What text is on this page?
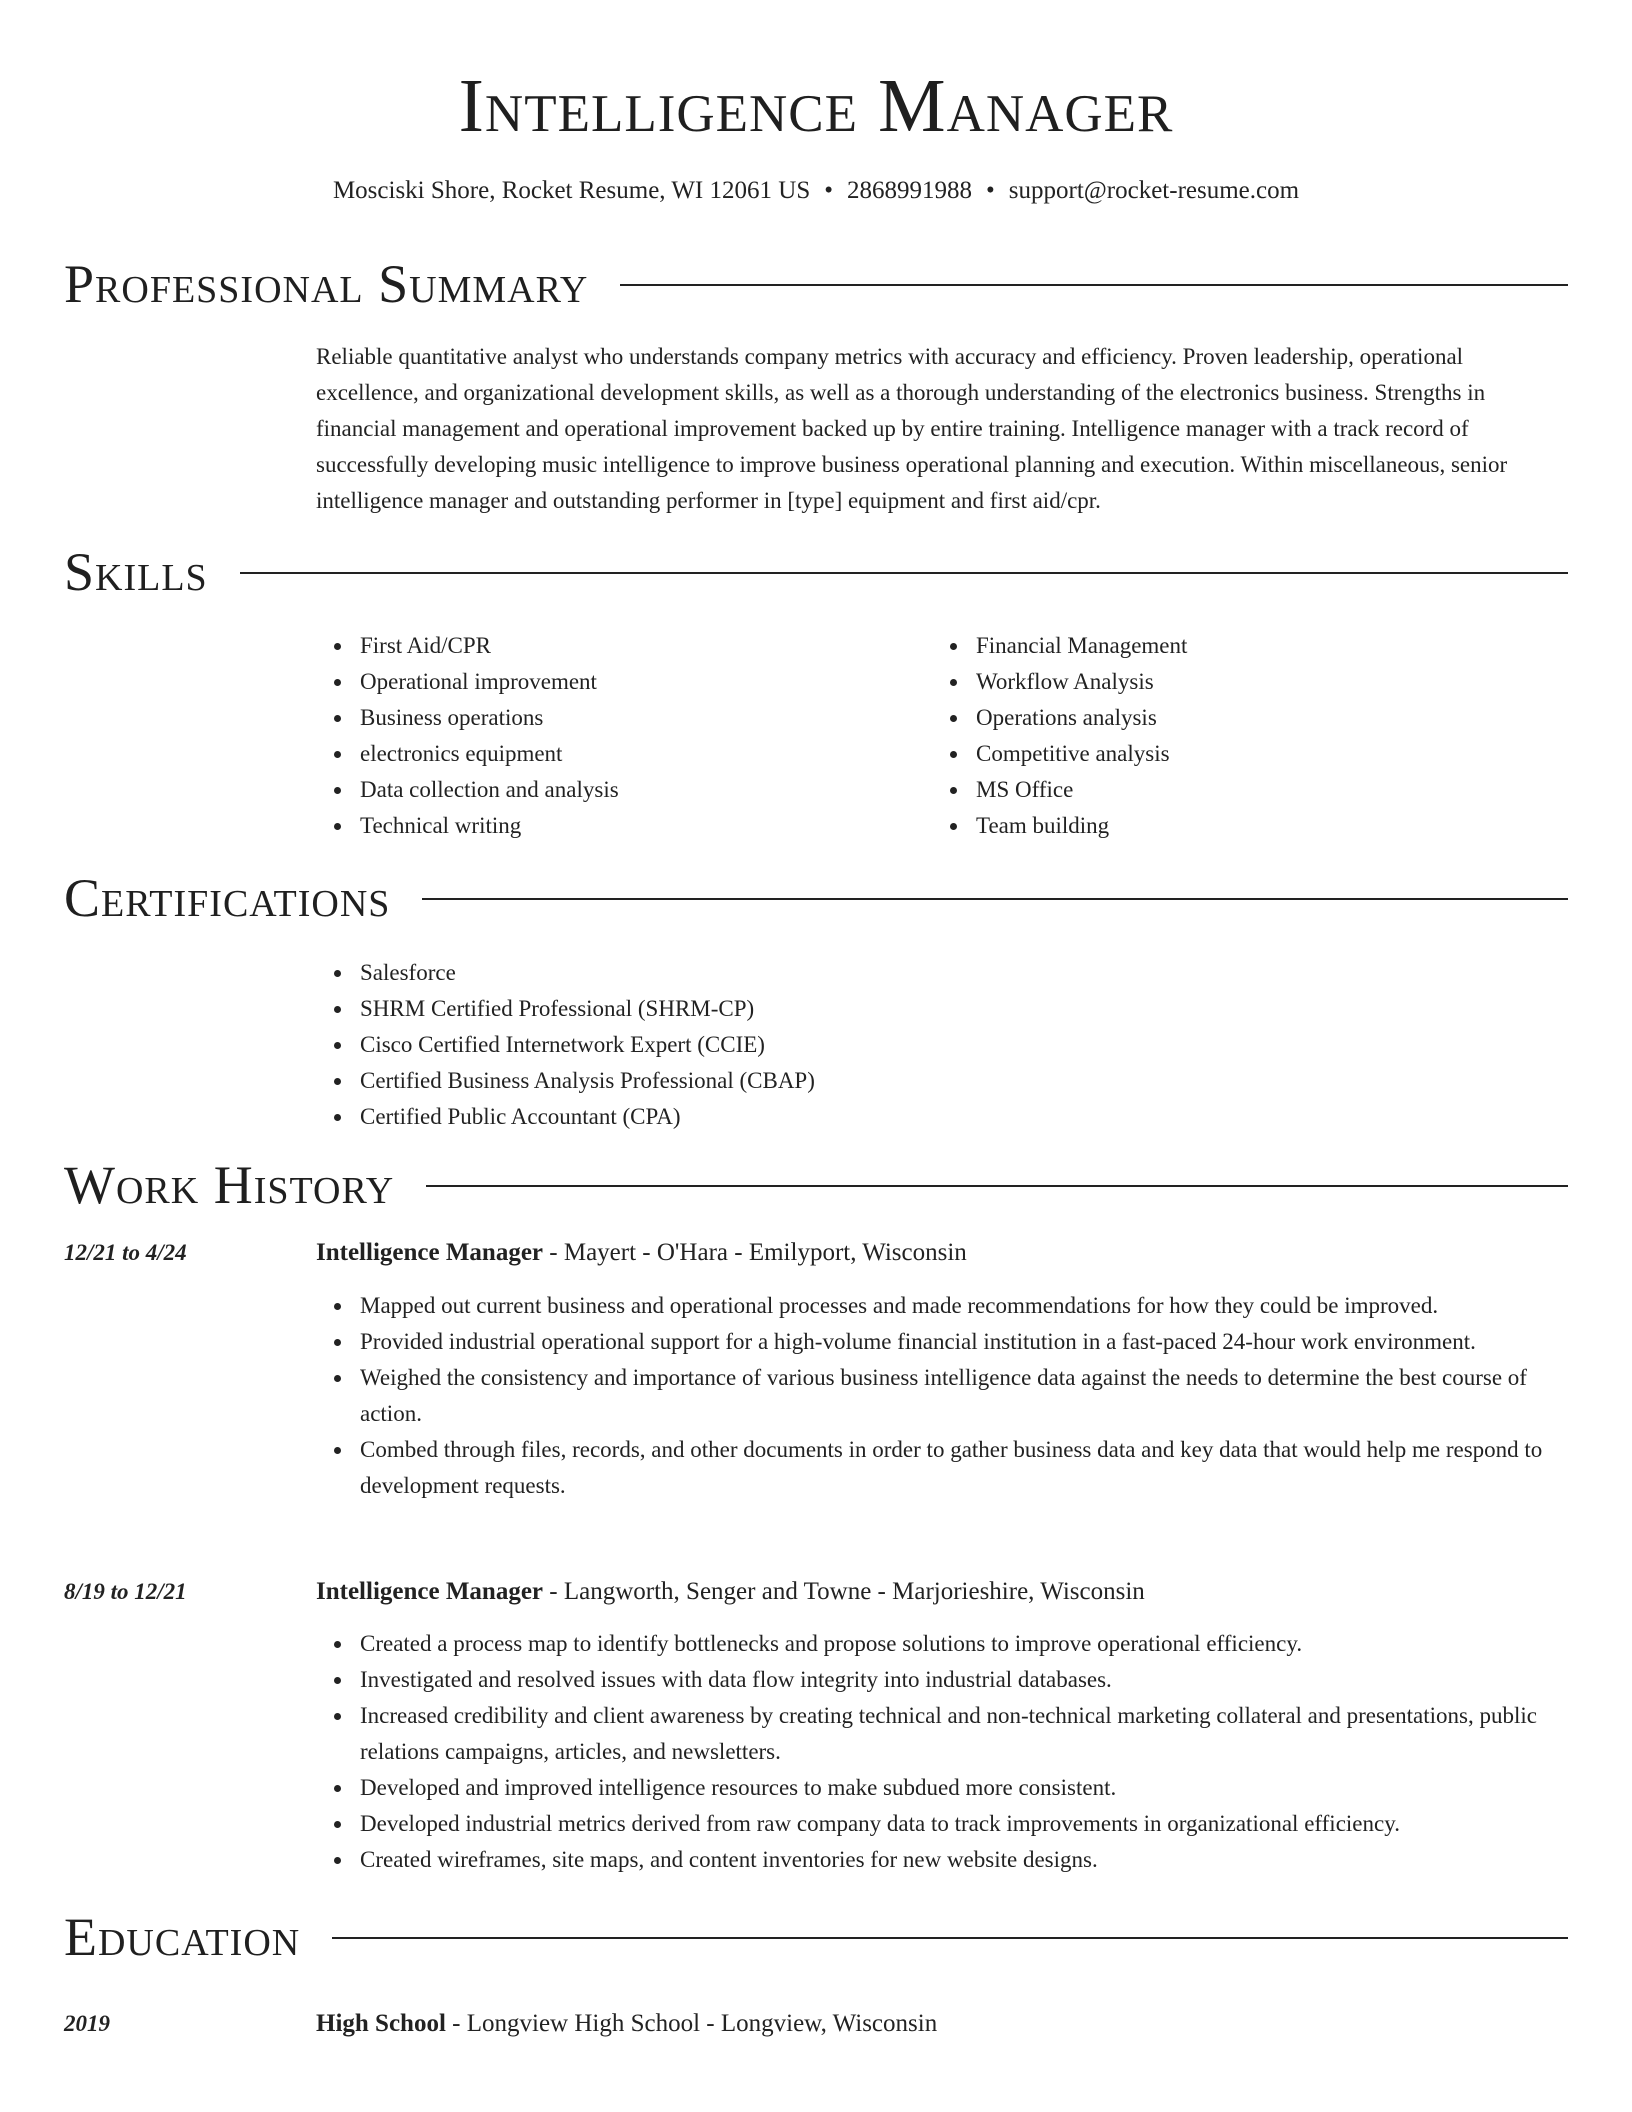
Intelligence Manager
Mosciski Shore, Rocket Resume, WI 12061 US • 2868991988 • support@rocket-resume.com
Professional Summary
Reliable quantitative analyst who understands company metrics with accuracy and efficiency. Proven leadership, operational excellence, and organizational development skills, as well as a thorough understanding of the electronics business. Strengths in financial management and operational improvement backed up by entire training. Intelligence manager with a track record of successfully developing music intelligence to improve business operational planning and execution. Within miscellaneous, senior intelligence manager and outstanding performer in [type] equipment and first aid/cpr.
Skills
First Aid/CPR
Operational improvement
Business operations
electronics equipment
Data collection and analysis
Technical writing
Financial Management
Workflow Analysis
Operations analysis
Competitive analysis
MS Office
Team building
Certifications
Salesforce
SHRM Certified Professional (SHRM-CP)
Cisco Certified Internetwork Expert (CCIE)
Certified Business Analysis Professional (CBAP)
Certified Public Accountant (CPA)
Work History
12/21 to 4/24	Intelligence Manager - Mayert - O'Hara - Emilyport, Wisconsin
Mapped out current business and operational processes and made recommendations for how they could be improved.
Provided industrial operational support for a high-volume financial institution in a fast-paced 24-hour work environment.
Weighed the consistency and importance of various business intelligence data against the needs to determine the best course of action.
Combed through files, records, and other documents in order to gather business data and key data that would help me respond to development requests.
8/19 to 12/21	Intelligence Manager - Langworth, Senger and Towne - Marjorieshire, Wisconsin
Created a process map to identify bottlenecks and propose solutions to improve operational efficiency.
Investigated and resolved issues with data flow integrity into industrial databases.
Increased credibility and client awareness by creating technical and non-technical marketing collateral and presentations, public relations campaigns, articles, and newsletters.
Developed and improved intelligence resources to make subdued more consistent.
Developed industrial metrics derived from raw company data to track improvements in organizational efficiency.
Created wireframes, site maps, and content inventories for new website designs.
Education
2019	High School - Longview High School - Longview, Wisconsin
